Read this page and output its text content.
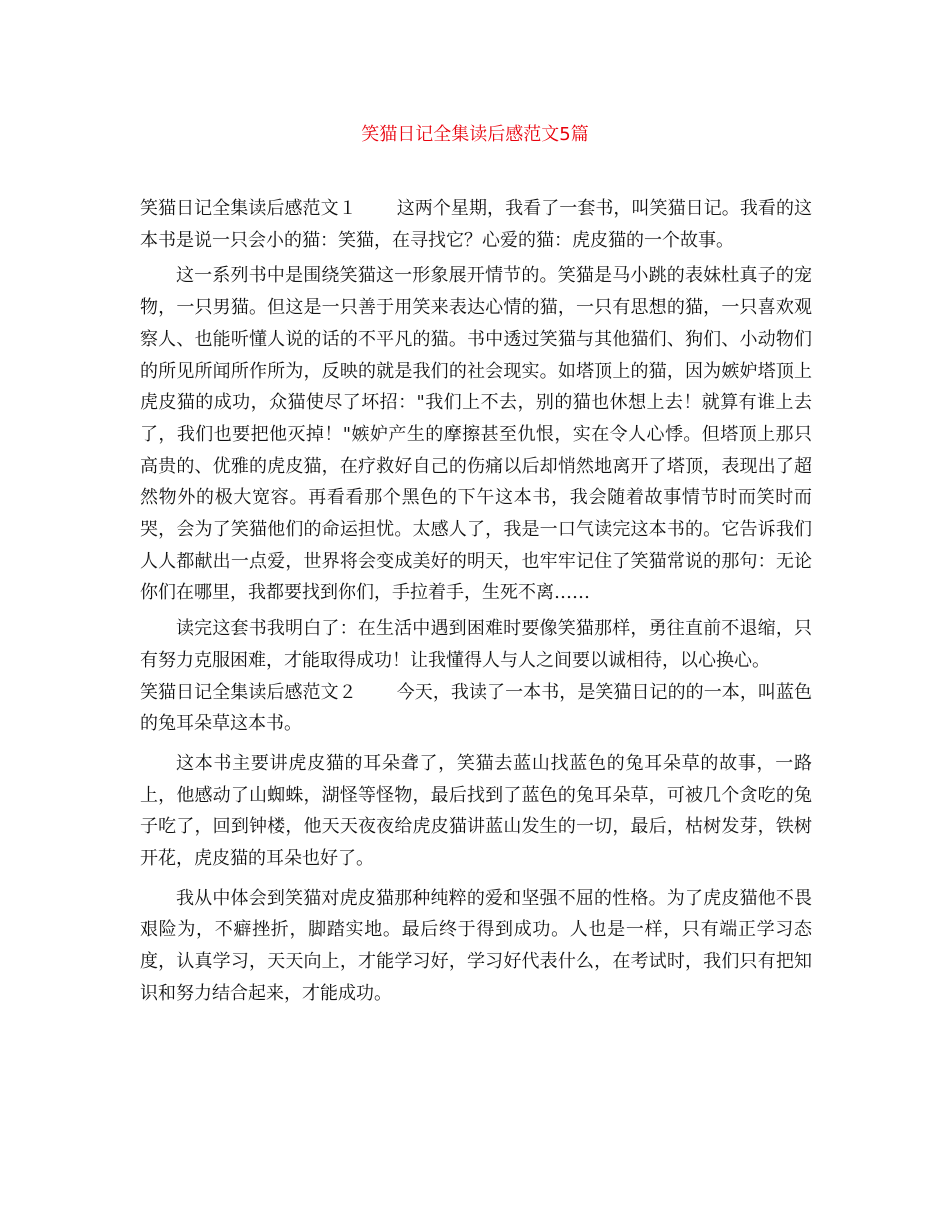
笑猫日记全集读后感范文5篇

笑猫日记全集读后感范文１ 这两个星期，我看了一套书，叫笑猫日记。我看的这本书是说一只会小的猫：笑猫，在寻找它？心爱的猫：虎皮猫的一个故事。

这一系列书中是围绕笑猫这一形象展开情节的。笑猫是马小跳的表妹杜真子的宠物，一只男猫。但这是一只善于用笑来表达心情的猫，一只有思想的猫，一只喜欢观察人、也能听懂人说的话的不平凡的猫。书中透过笑猫与其他猫们、狗们、小动物们的所见所闻所作所为，反映的就是我们的社会现实。如塔顶上的猫，因为嫉妒塔顶上虎皮猫的成功，众猫使尽了坏招："我们上不去，别的猫也休想上去！就算有谁上去了，我们也要把他灭掉！"嫉妒产生的摩擦甚至仇恨，实在令人心悸。但塔顶上那只高贵的、优雅的虎皮猫，在疗救好自己的伤痛以后却悄然地离开了塔顶，表现出了超然物外的极大宽容。再看看那个黑色的下午这本书，我会随着故事情节时而笑时而哭，会为了笑猫他们的命运担忧。太感人了，我是一口气读完这本书的。它告诉我们人人都献出一点爱，世界将会变成美好的明天，也牢牢记住了笑猫常说的那句：无论你们在哪里，我都要找到你们，手拉着手，生死不离……

读完这套书我明白了：在生活中遇到困难时要像笑猫那样，勇往直前不退缩，只有努力克服困难，才能取得成功！让我懂得人与人之间要以诚相待，以心换心。

笑猫日记全集读后感范文２ 今天，我读了一本书，是笑猫日记的的一本，叫蓝色的兔耳朵草这本书。

这本书主要讲虎皮猫的耳朵聋了，笑猫去蓝山找蓝色的兔耳朵草的故事，一路上，他感动了山蜘蛛，湖怪等怪物，最后找到了蓝色的兔耳朵草，可被几个贪吃的兔子吃了，回到钟楼，他天天夜夜给虎皮猫讲蓝山发生的一切，最后，枯树发芽，铁树开花，虎皮猫的耳朵也好了。

我从中体会到笑猫对虎皮猫那种纯粹的爱和坚强不屈的性格。为了虎皮猫他不畏艰险为，不癖挫折，脚踏实地。最后终于得到成功。人也是一样，只有端正学习态度，认真学习，天天向上，才能学习好，学习好代表什么，在考试时，我们只有把知识和努力结合起来，才能成功。
